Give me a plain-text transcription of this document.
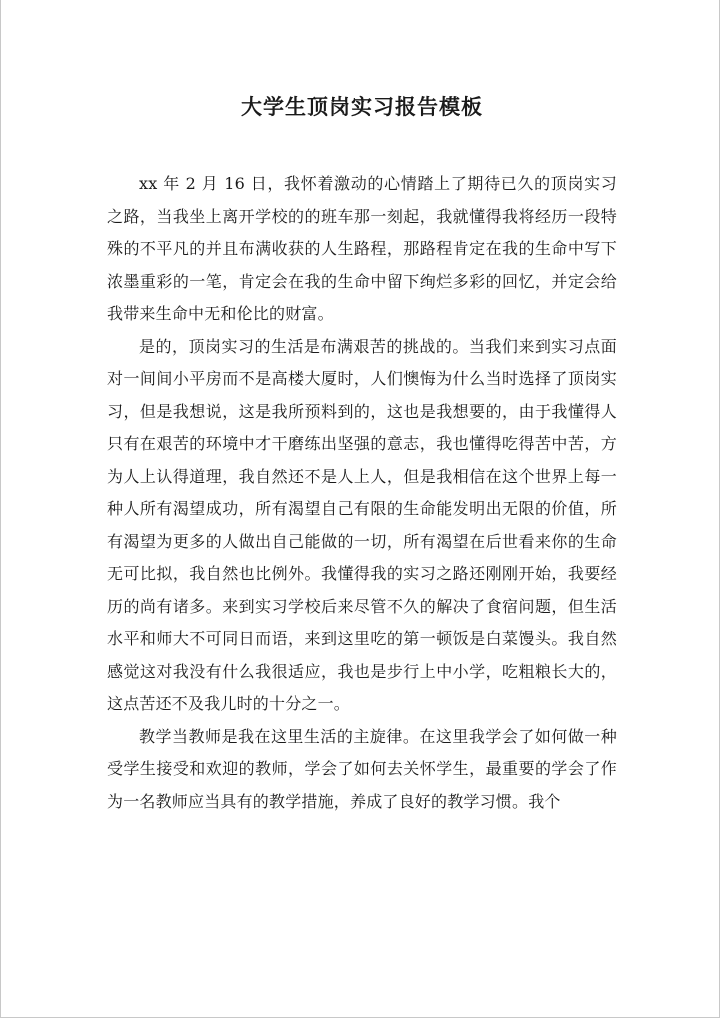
大学生顶岗实习报告模板

xx 年 2 月 16 日，我怀着激动的心情踏上了期待已久的顶岗实习之路，当我坐上离开学校的的班车那一刻起，我就懂得我将经历一段特殊的不平凡的并且布满收获的人生路程，那路程肯定在我的生命中写下浓墨重彩的一笔，肯定会在我的生命中留下绚烂多彩的回忆，并定会给我带来生命中无和伦比的财富。

是的，顶岗实习的生活是布满艰苦的挑战的。当我们来到实习点面对一间间小平房而不是高楼大厦时，人们懊悔为什么当时选择了顶岗实习，但是我想说，这是我所预料到的，这也是我想要的，由于我懂得人只有在艰苦的环境中才干磨练出坚强的意志，我也懂得吃得苦中苦，方为人上认得道理，我自然还不是人上人，但是我相信在这个世界上每一种人所有渴望成功，所有渴望自己有限的生命能发明出无限的价值，所有渴望为更多的人做出自己能做的一切，所有渴望在后世看来你的生命无可比拟，我自然也比例外。我懂得我的实习之路还刚刚开始，我要经历的尚有诸多。来到实习学校后来尽管不久的解决了食宿问题，但生活水平和师大不可同日而语，来到这里吃的第一顿饭是白菜馒头。我自然感觉这对我没有什么我很适应，我也是步行上中小学，吃粗粮长大的，这点苦还不及我儿时的十分之一。

教学当教师是我在这里生活的主旋律。在这里我学会了如何做一种受学生接受和欢迎的教师，学会了如何去关怀学生，最重要的学会了作为一名教师应当具有的教学措施，养成了良好的教学习惯。我个
